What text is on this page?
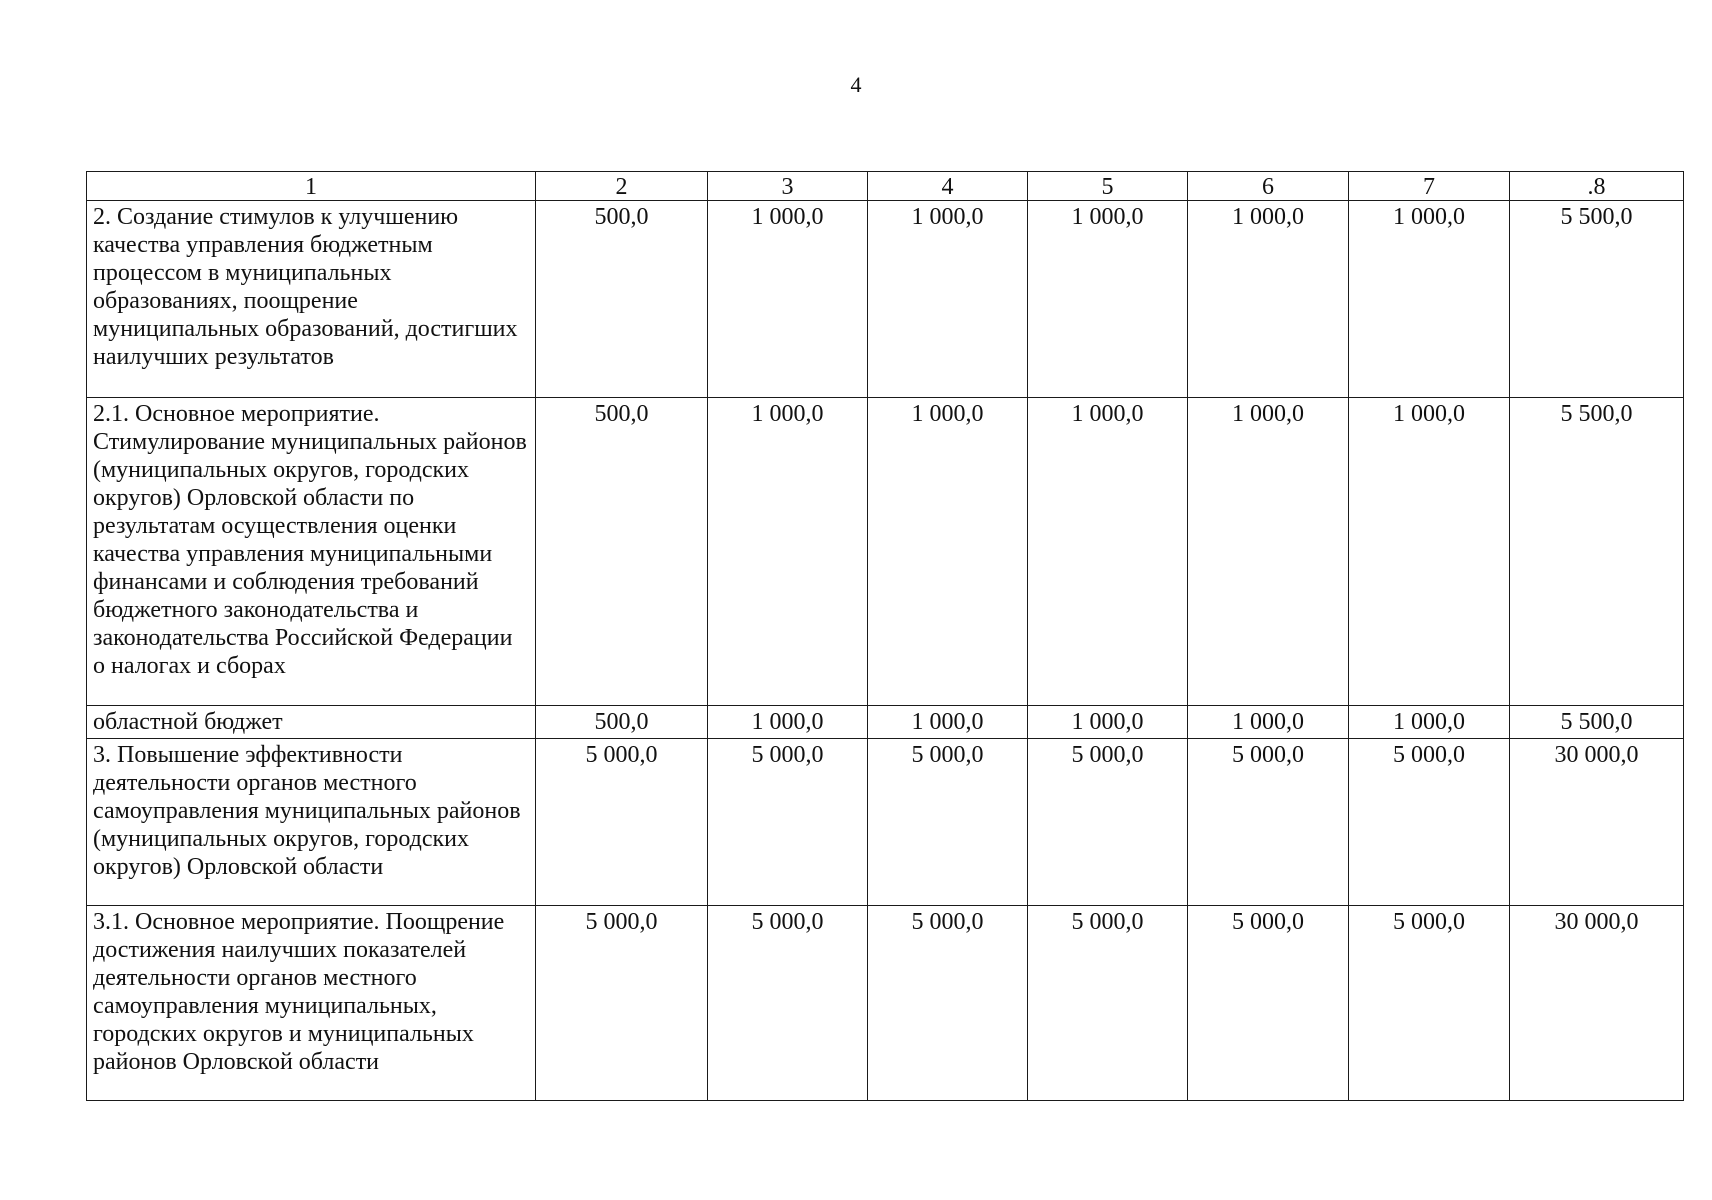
4
1	2	3	4	5	6	7	.8
2. Создание стимулов к улучшению качества управления бюджетным процессом в муниципальных образованиях, поощрение муниципальных образований, достигших наилучших результатов	500,0	1 000,0	1 000,0	1 000,0	1 000,0	1 000,0	5 500,0
2.1. Основное мероприятие. Стимулирование муниципальных районов (муниципальных округов, городских округов) Орловской области по результатам осуществления оценки качества управления муниципальными финансами и соблюдения требований бюджетного законодательства и законодательства Российской Федерации о налогах и сборах	500,0	1 000,0	1 000,0	1 000,0	1 000,0	1 000,0	5 500,0
областной бюджет	500,0	1 000,0	1 000,0	1 000,0	1 000,0	1 000,0	5 500,0
3. Повышение эффективности деятельности органов местного самоуправления муниципальных районов (муниципальных округов, городских округов) Орловской области	5 000,0	5 000,0	5 000,0	5 000,0	5 000,0	5 000,0	30 000,0
3.1. Основное мероприятие. Поощрение достижения наилучших показателей деятельности органов местного самоуправления муниципальных, городских округов и муниципальных районов Орловской области	5 000,0	5 000,0	5 000,0	5 000,0	5 000,0	5 000,0	30 000,0
